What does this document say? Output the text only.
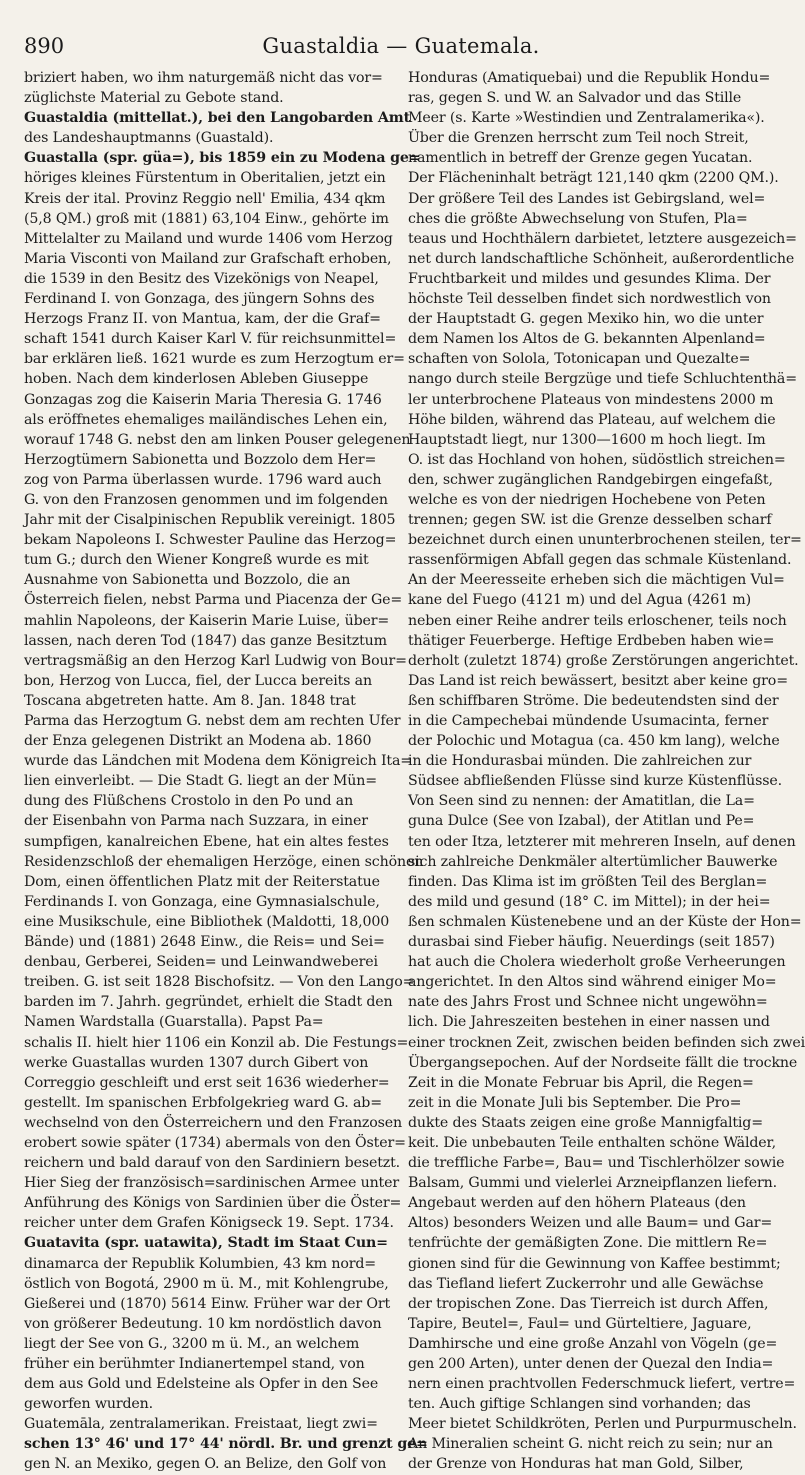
890	Guastaldia — Guatemala.
briziert haben, wo ihm naturgemäß nicht das vor=
züglichste Material zu Gebote stand.
Guastaldia (mittellat.), bei den Langobarden Amt
des Landeshauptmanns (Guastald).
Guastalla (spr. güa=), bis 1859 ein zu Modena ge=
höriges kleines Fürstentum in Oberitalien, jetzt ein
Kreis der ital. Provinz Reggio nell' Emilia, 434 qkm
(5,8 QM.) groß mit (1881) 63,104 Einw., gehörte im
Mittelalter zu Mailand und wurde 1406 vom Herzog
Maria Visconti von Mailand zur Grafschaft erhoben,
die 1539 in den Besitz des Vizekönigs von Neapel,
Ferdinand I. von Gonzaga, des jüngern Sohns des
Herzogs Franz II. von Mantua, kam, der die Graf=
schaft 1541 durch Kaiser Karl V. für reichsunmittel=
bar erklären ließ. 1621 wurde es zum Herzogtum er=
hoben. Nach dem kinderlosen Ableben Giuseppe
Gonzagas zog die Kaiserin Maria Theresia G. 1746
als eröffnetes ehemaliges mailändisches Lehen ein,
worauf 1748 G. nebst den am linken Pouser gelegenen
Herzogtümern Sabionetta und Bozzolo dem Her=
zog von Parma überlassen wurde. 1796 ward auch
G. von den Franzosen genommen und im folgenden
Jahr mit der Cisalpinischen Republik vereinigt. 1805
bekam Napoleons I. Schwester Pauline das Herzog=
tum G.; durch den Wiener Kongreß wurde es mit
Ausnahme von Sabionetta und Bozzolo, die an
Österreich fielen, nebst Parma und Piacenza der Ge=
mahlin Napoleons, der Kaiserin Marie Luise, über=
lassen, nach deren Tod (1847) das ganze Besitztum
vertragsmäßig an den Herzog Karl Ludwig von Bour=
bon, Herzog von Lucca, fiel, der Lucca bereits an
Toscana abgetreten hatte. Am 8. Jan. 1848 trat
Parma das Herzogtum G. nebst dem am rechten Ufer
der Enza gelegenen Distrikt an Modena ab. 1860
wurde das Ländchen mit Modena dem Königreich Ita=
lien einverleibt. — Die Stadt G. liegt an der Mün=
dung des Flüßchens Crostolo in den Po und an
der Eisenbahn von Parma nach Suzzara, in einer
sumpfigen, kanalreichen Ebene, hat ein altes festes
Residenzschloß der ehemaligen Herzöge, einen schönen
Dom, einen öffentlichen Platz mit der Reiterstatue
Ferdinands I. von Gonzaga, eine Gymnasialschule,
eine Musikschule, eine Bibliothek (Maldotti, 18,000
Bände) und (1881) 2648 Einw., die Reis= und Sei=
denbau, Gerberei, Seiden= und Leinwandweberei
treiben. G. ist seit 1828 Bischofsitz. — Von den Lango=
barden im 7. Jahrh. gegründet, erhielt die Stadt den
Namen Wardstalla (Guarstalla). Papst Pa=
schalis II. hielt hier 1106 ein Konzil ab. Die Festungs=
werke Guastallas wurden 1307 durch Gibert von
Correggio geschleift und erst seit 1636 wiederher=
gestellt. Im spanischen Erbfolgekrieg ward G. ab=
wechselnd von den Österreichern und den Franzosen
erobert sowie später (1734) abermals von den Öster=
reichern und bald darauf von den Sardiniern besetzt.
Hier Sieg der französisch=sardinischen Armee unter
Anführung des Königs von Sardinien über die Öster=
reicher unter dem Grafen Königseck 19. Sept. 1734.
Guatavita (spr. uatawita), Stadt im Staat Cun=
dinamarca der Republik Kolumbien, 43 km nord=
östlich von Bogotá, 2900 m ü. M., mit Kohlengrube,
Gießerei und (1870) 5614 Einw. Früher war der Ort
von größerer Bedeutung. 10 km nordöstlich davon
liegt der See von G., 3200 m ü. M., an welchem
früher ein berühmter Indianertempel stand, von
dem aus Gold und Edelsteine als Opfer in den See
geworfen wurden.
Guatemāla, zentralamerikan. Freistaat, liegt zwi=
schen 13° 46' und 17° 44' nördl. Br. und grenzt ge=
gen N. an Mexiko, gegen O. an Belize, den Golf von
Honduras (Amatiquebai) und die Republik Hondu=
ras, gegen S. und W. an Salvador und das Stille
Meer (s. Karte »Westindien und Zentralamerika«).
Über die Grenzen herrscht zum Teil noch Streit,
namentlich in betreff der Grenze gegen Yucatan.
Der Flächeninhalt beträgt 121,140 qkm (2200 QM.).
Der größere Teil des Landes ist Gebirgsland, wel=
ches die größte Abwechselung von Stufen, Pla=
teaus und Hochthälern darbietet, letztere ausgezeich=
net durch landschaftliche Schönheit, außerordentliche
Fruchtbarkeit und mildes und gesundes Klima. Der
höchste Teil desselben findet sich nordwestlich von
der Hauptstadt G. gegen Mexiko hin, wo die unter
dem Namen los Altos de G. bekannten Alpenland=
schaften von Solola, Totonicapan und Quezalte=
nango durch steile Bergzüge und tiefe Schluchtenthä=
ler unterbrochene Plateaus von mindestens 2000 m
Höhe bilden, während das Plateau, auf welchem die
Hauptstadt liegt, nur 1300—1600 m hoch liegt. Im
O. ist das Hochland von hohen, südöstlich streichen=
den, schwer zugänglichen Randgebirgen eingefaßt,
welche es von der niedrigen Hochebene von Peten
trennen; gegen SW. ist die Grenze desselben scharf
bezeichnet durch einen ununterbrochenen steilen, ter=
rassenförmigen Abfall gegen das schmale Küstenland.
An der Meeresseite erheben sich die mächtigen Vul=
kane del Fuego (4121 m) und del Agua (4261 m)
neben einer Reihe andrer teils erloschener, teils noch
thätiger Feuerberge. Heftige Erdbeben haben wie=
derholt (zuletzt 1874) große Zerstörungen angerichtet.
Das Land ist reich bewässert, besitzt aber keine gro=
ßen schiffbaren Ströme. Die bedeutendsten sind der
in die Campechebai mündende Usumacinta, ferner
der Polochic und Motagua (ca. 450 km lang), welche
in die Hondurasbai münden. Die zahlreichen zur
Südsee abfließenden Flüsse sind kurze Küstenflüsse.
Von Seen sind zu nennen: der Amatitlan, die La=
guna Dulce (See von Izabal), der Atitlan und Pe=
ten oder Itza, letzterer mit mehreren Inseln, auf denen
sich zahlreiche Denkmäler altertümlicher Bauwerke
finden. Das Klima ist im größten Teil des Berglan=
des mild und gesund (18° C. im Mittel); in der hei=
ßen schmalen Küstenebene und an der Küste der Hon=
durasbai sind Fieber häufig. Neuerdings (seit 1857)
hat auch die Cholera wiederholt große Verheerungen
angerichtet. In den Altos sind während einiger Mo=
nate des Jahrs Frost und Schnee nicht ungewöhn=
lich. Die Jahreszeiten bestehen in einer nassen und
einer trocknen Zeit, zwischen beiden befinden sich zwei
Übergangsepochen. Auf der Nordseite fällt die trockne
Zeit in die Monate Februar bis April, die Regen=
zeit in die Monate Juli bis September. Die Pro=
dukte des Staats zeigen eine große Mannigfaltig=
keit. Die unbebauten Teile enthalten schöne Wälder,
die treffliche Farbe=, Bau= und Tischlerhölzer sowie
Balsam, Gummi und vielerlei Arzneipflanzen liefern.
Angebaut werden auf den höhern Plateaus (den
Altos) besonders Weizen und alle Baum= und Gar=
tenfrüchte der gemäßigten Zone. Die mittlern Re=
gionen sind für die Gewinnung von Kaffee bestimmt;
das Tiefland liefert Zuckerrohr und alle Gewächse
der tropischen Zone. Das Tierreich ist durch Affen,
Tapire, Beutel=, Faul= und Gürteltiere, Jaguare,
Damhirsche und eine große Anzahl von Vögeln (ge=
gen 200 Arten), unter denen der Quezal den India=
nern einen prachtvollen Federschmuck liefert, vertre=
ten. Auch giftige Schlangen sind vorhanden; das
Meer bietet Schildkröten, Perlen und Purpurmuscheln.
An Mineralien scheint G. nicht reich zu sein; nur an
der Grenze von Honduras hat man Gold, Silber,
